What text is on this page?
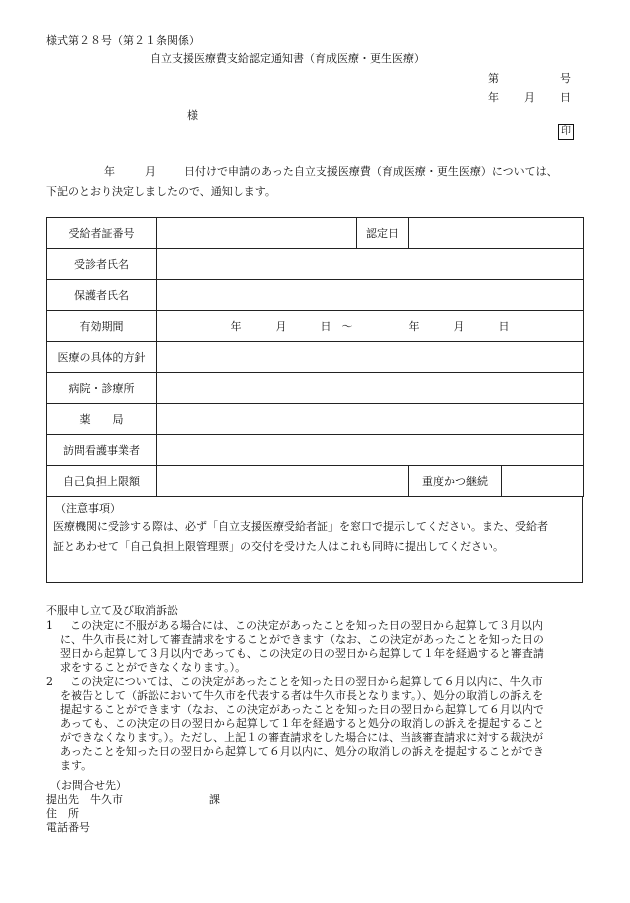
様式第２８号（第２１条関係）
自立支援医療費支給認定通知書（育成医療・更生医療）
第	号
年 月 日
様
印
年	月	日付けで申請のあった自立支援医療費（育成医療・更生医療）については、
下記のとおり決定しましたので、通知します。
受給者証番号		認定日	
受診者氏名			
保護者氏名			
有効期間	年 月 日 ～ 年 月 日		
医療の具体的方針			
病院・診療所			
薬　　局			
訪問看護事業者			
自己負担上限額			重度かつ継続
（注意事項）
医療機関に受診する際は、必ず「自立支援医療受給者証」を窓口で提示してください。また、受給者
証とあわせて「自己負担上限管理票」の交付を受けた人はこれも同時に提出してください。
不服申し立て及び取消訴訟
1	この決定に不服がある場合には、この決定があったことを知った日の翌日から起算して３月以内
に、牛久市長に対して審査請求をすることができます（なお、この決定があったことを知った日の
翌日から起算して３月以内であっても、この決定の日の翌日から起算して１年を経過すると審査請
求をすることができなくなります。）。
2	この決定については、この決定があったことを知った日の翌日から起算して６月以内に、牛久市
を被告として（訴訟において牛久市を代表する者は牛久市長となります。）、処分の取消しの訴えを
提起することができます（なお、この決定があったことを知った日の翌日から起算して６月以内で
あっても、この決定の日の翌日から起算して１年を経過すると処分の取消しの訴えを提起すること
ができなくなります。）。ただし、上記１の審査請求をした場合には、当該審査請求に対する裁決が
あったことを知った日の翌日から起算して６月以内に、処分の取消しの訴えを提起することができ
ます。
（お問合せ先）
提出先　牛久市	課
住　所
電話番号
